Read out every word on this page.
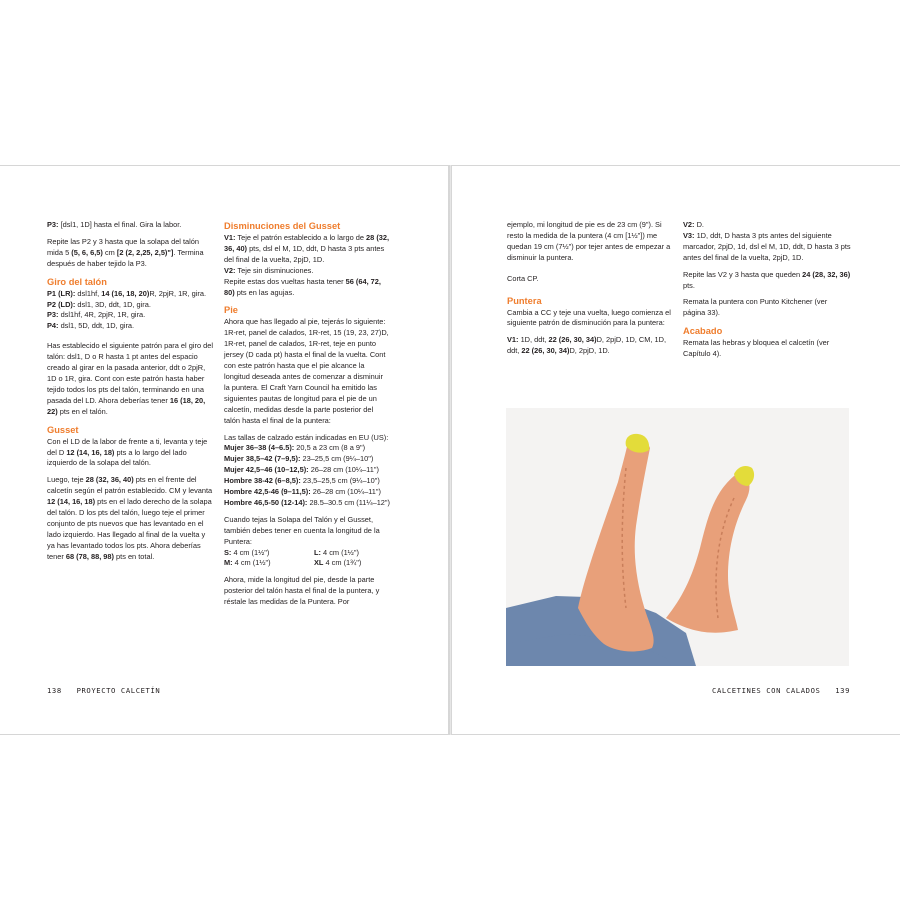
P3: [dsl1, 1D] hasta el final. Gira la labor.

Repite las P2 y 3 hasta que la solapa del talón mida 5 (5, 6, 6,5) cm [2 (2, 2,25, 2,5)"]. Termina después de haber tejido la P3.

Giro del talón

P1 (LR): dsl1hf, 14 (16, 18, 20)R, 2pjR, 1R, gira.

P2 (LD): dsl1, 3D, ddt, 1D, gira.

P3: dsl1hf, 4R, 2pjR, 1R, gira.

P4: dsl1, 5D, ddt, 1D, gira.

Has establecido el siguiente patrón para el giro del talón: dsl1, D o R hasta 1 pt antes del espacio creado al girar en la pasada anterior, ddt o 2pjR, 1D o 1R, gira. Cont con este patrón hasta haber tejido todos los pts del talón, terminando en una pasada del LD. Ahora deberías tener 16 (18, 20, 22) pts en el talón.

Gusset

Con el LD de la labor de frente a ti, levanta y teje del D 12 (14, 16, 18) pts a lo largo del lado izquierdo de la solapa del talón.

Luego, teje 28 (32, 36, 40) pts en el frente del calcetín según el patrón establecido. CM y levanta 12 (14, 16, 18) pts en el lado derecho de la solapa del talón. D los pts del talón, luego teje el primer conjunto de pts nuevos que has levantado en el lado izquierdo. Has llegado al final de la vuelta y ya has levantado todos los pts. Ahora deberías tener 68 (78, 88, 98) pts en total.

Disminuciones del Gusset

V1: Teje el patrón establecido a lo largo de 28 (32, 36, 40) pts, dsl el M, 1D, ddt, D hasta 3 pts antes del final de la vuelta, 2pjD, 1D.

V2: Teje sin disminuciones.

Repite estas dos vueltas hasta tener 56 (64, 72, 80) pts en las agujas.

Pie

Ahora que has llegado al pie, tejerás lo siguiente: 1R-ret, panel de calados, 1R-ret, 15 (19, 23, 27)D, 1R-ret, panel de calados, 1R-ret, teje en punto jersey (D cada pt) hasta el final de la vuelta. Cont con este patrón hasta que el pie alcance la longitud deseada antes de comenzar a disminuir la puntera. El Craft Yarn Council ha emitido las siguientes pautas de longitud para el pie de un calcetín, medidas desde la parte posterior del talón hasta el final de la puntera:

Las tallas de calzado están indicadas en EU (US):

Mujer 36–38 (4–6.5): 20,5 a 23 cm (8 a 9")
Mujer 38,5–42 (7–9,5): 23–25,5 cm (9¼–10")
Mujer 42,5–46 (10–12,5): 26–28 cm (10¼–11")
Hombre 38-42 (6–8,5): 23,5–25,5 cm (9¼–10")
Hombre 42,5-46 (9–11,5): 26–28 cm (10¼–11")
Hombre 46,5-50 (12-14): 28.5–30.5 cm (11¼–12")

Cuando tejas la Solapa del Talón y el Gusset, también debes tener en cuenta la longitud de la Puntera:

S: 4 cm (1½")	L: 4 cm (1½")
M: 4 cm (1½")	XL 4 cm (1¾")

Ahora, mide la longitud del pie, desde la parte posterior del talón hasta el final de la puntera, y réstale las medidas de la Puntera. Por

138   PROYECTO CALCETÍN

ejemplo, mi longitud de pie es de 23 cm (9"). Si resto la medida de la puntera (4 cm [1½"]) me quedan 19 cm (7½") por tejer antes de empezar a disminuir la puntera.

Corta CP.

Puntera

Cambia a CC y teje una vuelta, luego comienza el siguiente patrón de disminución para la puntera:

V1: 1D, ddt, 22 (26, 30, 34)D, 2pjD, 1D, CM, 1D, ddt, 22 (26, 30, 34)D, 2pjD, 1D.

V2: D.

V3: 1D, ddt, D hasta 3 pts antes del siguiente marcador, 2pjD, 1d, dsl el M, 1D, ddt, D hasta 3 pts antes del final de la vuelta, 2pjD, 1D.

Repite las V2 y 3 hasta que queden 24 (28, 32, 36) pts.

Remata la puntera con Punto Kitchener (ver página 33).

Acabado

Remata las hebras y bloquea el calcetín (ver Capítulo 4).

CALCETINES CON CALADOS   139
